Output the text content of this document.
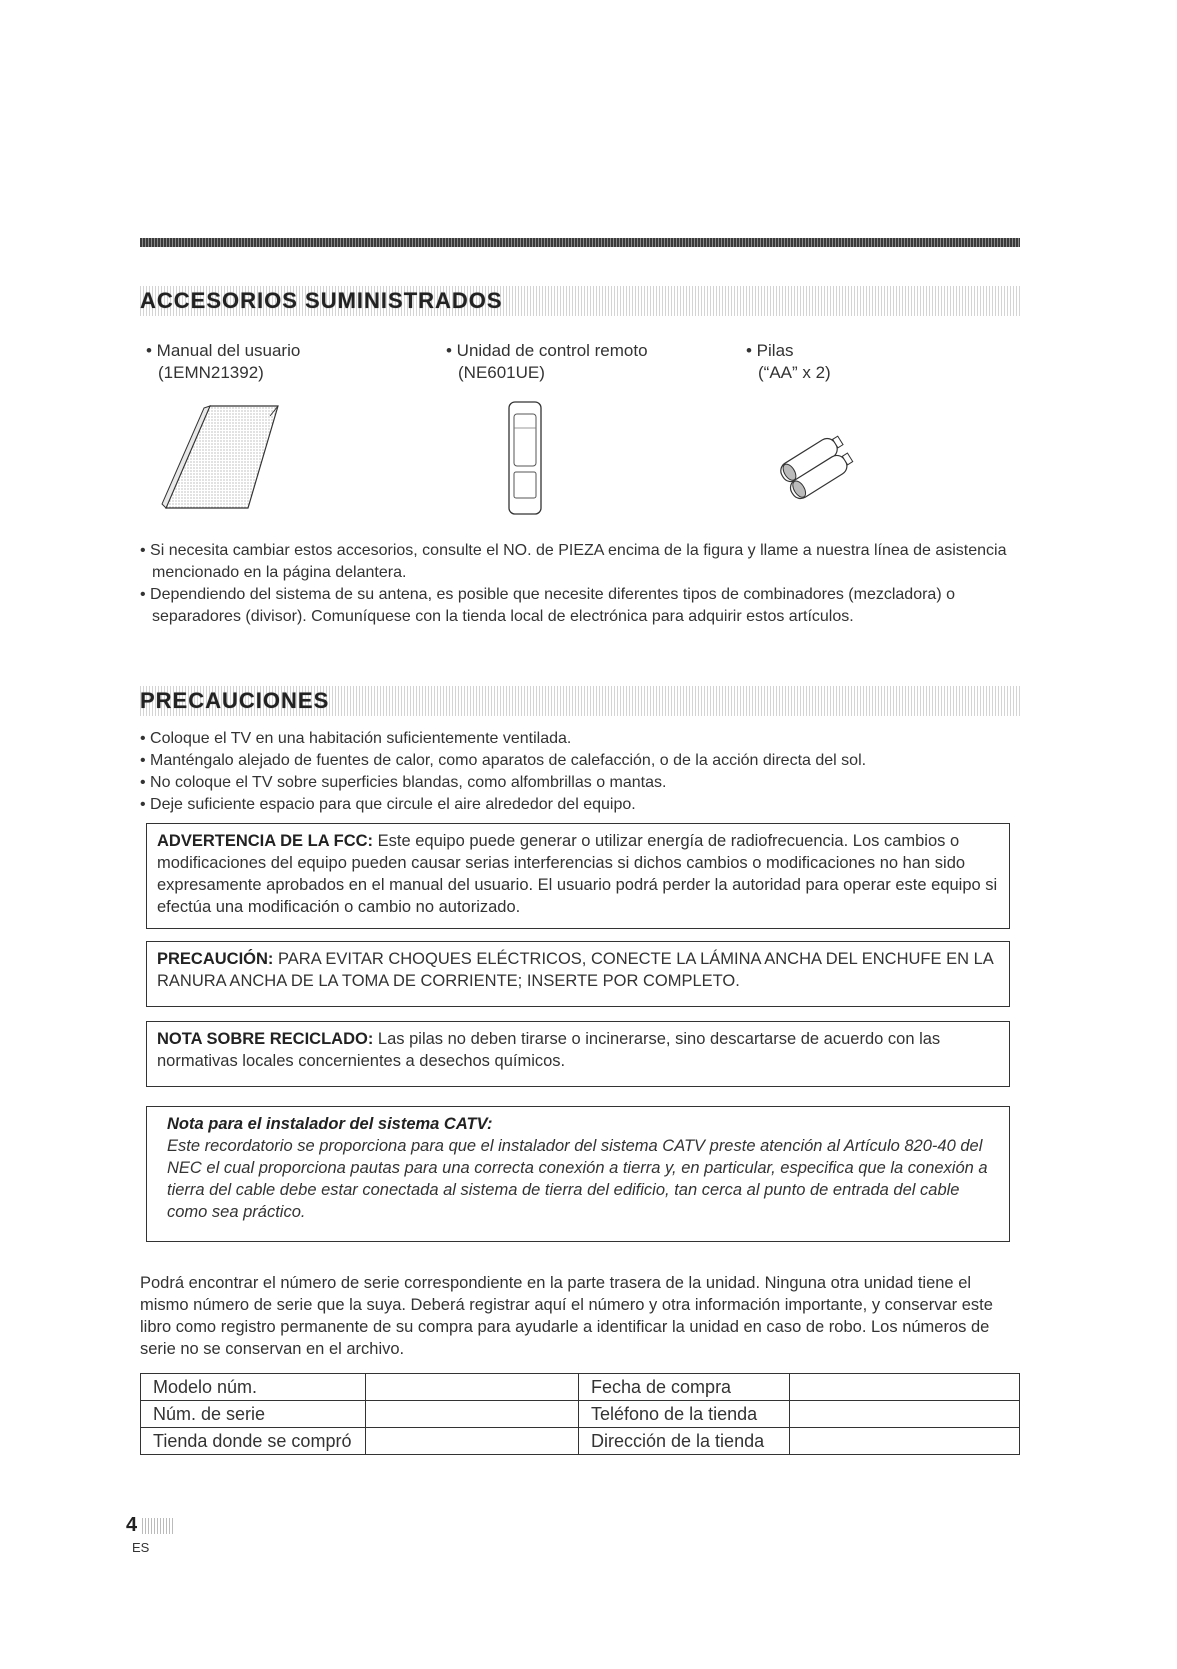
ACCESORIOS SUMINISTRADOS
• Manual del usuario
(1EMN21392)
• Unidad de control remoto
(NE601UE)
• Pilas
(“AA” x 2)

• Si necesita cambiar estos accesorios, consulte el NO. de PIEZA encima de la figura y llame a nuestra línea de asistencia mencionado en la página delantera.

• Dependiendo del sistema de su antena, es posible que necesite diferentes tipos de combinadores (mezcladora) o separadores (divisor). Comuníquese con la tienda local de electrónica para adquirir estos artículos.

PRECAUCIONES

• Coloque el TV en una habitación suficientemente ventilada.

• Manténgalo alejado de fuentes de calor, como aparatos de calefacción, o de la acción directa del sol.

• No coloque el TV sobre superficies blandas, como alfombrillas o mantas.

• Deje suficiente espacio para que circule el aire alrededor del equipo.

ADVERTENCIA DE LA FCC: Este equipo puede generar o utilizar energía de radiofrecuencia. Los cambios o modificaciones del equipo pueden causar serias interferencias si dichos cambios o modificaciones no han sido expresamente aprobados en el manual del usuario. El usuario podrá perder la autoridad para operar este equipo si efectúa una modificación o cambio no autorizado.
PRECAUCIÓN: PARA EVITAR CHOQUES ELÉCTRICOS, CONECTE LA LÁMINA ANCHA DEL ENCHUFE EN LA RANURA ANCHA DE LA TOMA DE CORRIENTE; INSERTE POR COMPLETO.
NOTA SOBRE RECICLADO: Las pilas no deben tirarse o incinerarse, sino descartarse de acuerdo con las normativas locales concernientes a desechos químicos.
Nota para el instalador del sistema CATV:
Este recordatorio se proporciona para que el instalador del sistema CATV preste atención al Artículo 820-40 del NEC el cual proporciona pautas para una correcta conexión a tierra y, en particular, especifica que la conexión a tierra del cable debe estar conectada al sistema de tierra del edificio, tan cerca al punto de entrada del cable como sea práctico.
Podrá encontrar el número de serie correspondiente en la parte trasera de la unidad. Ninguna otra unidad tiene el mismo número de serie que la suya. Deberá registrar aquí el número y otra información importante, y conservar este libro como registro permanente de su compra para ayudarle a identificar la unidad en caso de robo. Los números de serie no se conservan en el archivo.
Modelo núm.		Fecha de compra	
Núm. de serie		Teléfono de la tienda	
Tienda donde se compró		Dirección de la tienda	
4
ES
